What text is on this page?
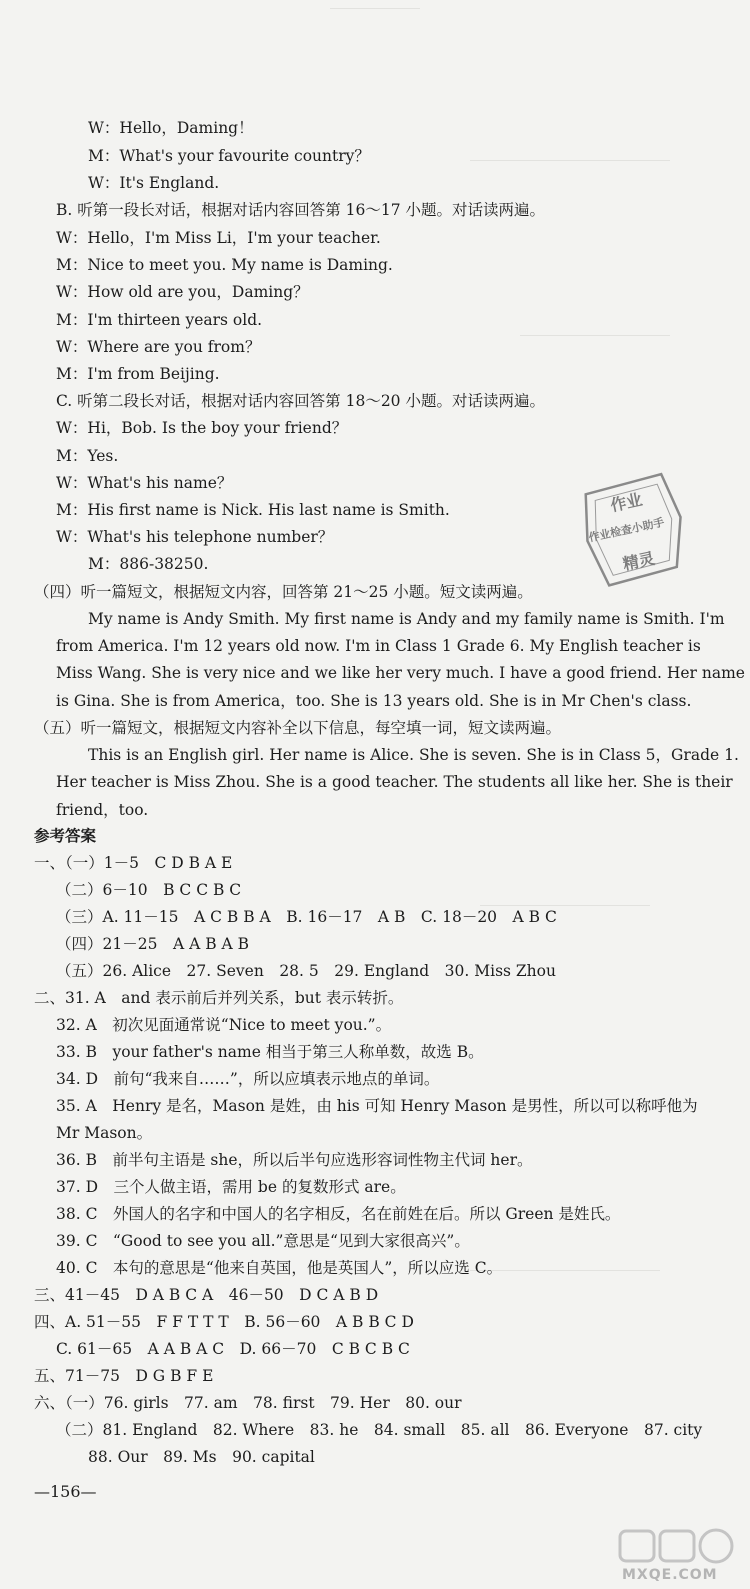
W：Hello，Daming！
M：What's your favourite country？
W：It's England.
B. 听第一段长对话，根据对话内容回答第 16～17 小题。对话读两遍。
W：Hello，I'm Miss Li，I'm your teacher.
M：Nice to meet you. My name is Daming.
W：How old are you，Daming？
M：I'm thirteen years old.
W：Where are you from？
M：I'm from Beijing.
C. 听第二段长对话，根据对话内容回答第 18～20 小题。对话读两遍。
W：Hi，Bob. Is the boy your friend？
M：Yes.
W：What's his name？
M：His first name is Nick. His last name is Smith.
W：What's his telephone number？
M：886-38250.
（四）听一篇短文，根据短文内容，回答第 21～25 小题。短文读两遍。
My name is Andy Smith. My first name is Andy and my family name is Smith. I'm
from America. I'm 12 years old now. I'm in Class 1 Grade 6. My English teacher is
Miss Wang. She is very nice and we like her very much. I have a good friend. Her name
is Gina. She is from America，too. She is 13 years old. She is in Mr Chen's class.
（五）听一篇短文，根据短文内容补全以下信息，每空填一词，短文读两遍。
This is an English girl. Her name is Alice. She is seven. She is in Class 5，Grade 1.
Her teacher is Miss Zhou. She is a good teacher. The students all like her. She is their
friend，too.
参考答案
一、（一）1－5　C D B A E
（二）6－10　B C C B C
（三）A. 11－15　A C B B A　B. 16－17　A B　C. 18－20　A B C
（四）21－25　A A B A B
（五）26. Alice　27. Seven　28. 5　29. England　30. Miss Zhou
二、31. A　and 表示前后并列关系，but 表示转折。
32. A　初次见面通常说“Nice to meet you.”。
33. B　your father's name 相当于第三人称单数，故选 B。
34. D　前句“我来自……”，所以应填表示地点的单词。
35. A　Henry 是名，Mason 是姓，由 his 可知 Henry Mason 是男性，所以可以称呼他为
Mr Mason。
36. B　前半句主语是 she，所以后半句应选形容词性物主代词 her。
37. D　三个人做主语，需用 be 的复数形式 are。
38. C　外国人的名字和中国人的名字相反，名在前姓在后。所以 Green 是姓氏。
39. C　“Good to see you all.”意思是“见到大家很高兴”。
40. C　本句的意思是“他来自英国，他是英国人”，所以应选 C。
三、41－45　D A B C A　46－50　D C A B D
四、A. 51－55　F F T T T　B. 56－60　A B B C D
C. 61－65　A A B A C　D. 66－70　C B C B C
五、71－75　D G B F E
六、（一）76. girls　77. am　78. first　79. Her　80. our
（二）81. England　82. Where　83. he　84. small　85. all　86. Everyone　87. city
88. Our　89. Ms　90. capital
—156—
作业
作业检查小助手
精灵
MXQE.COM
